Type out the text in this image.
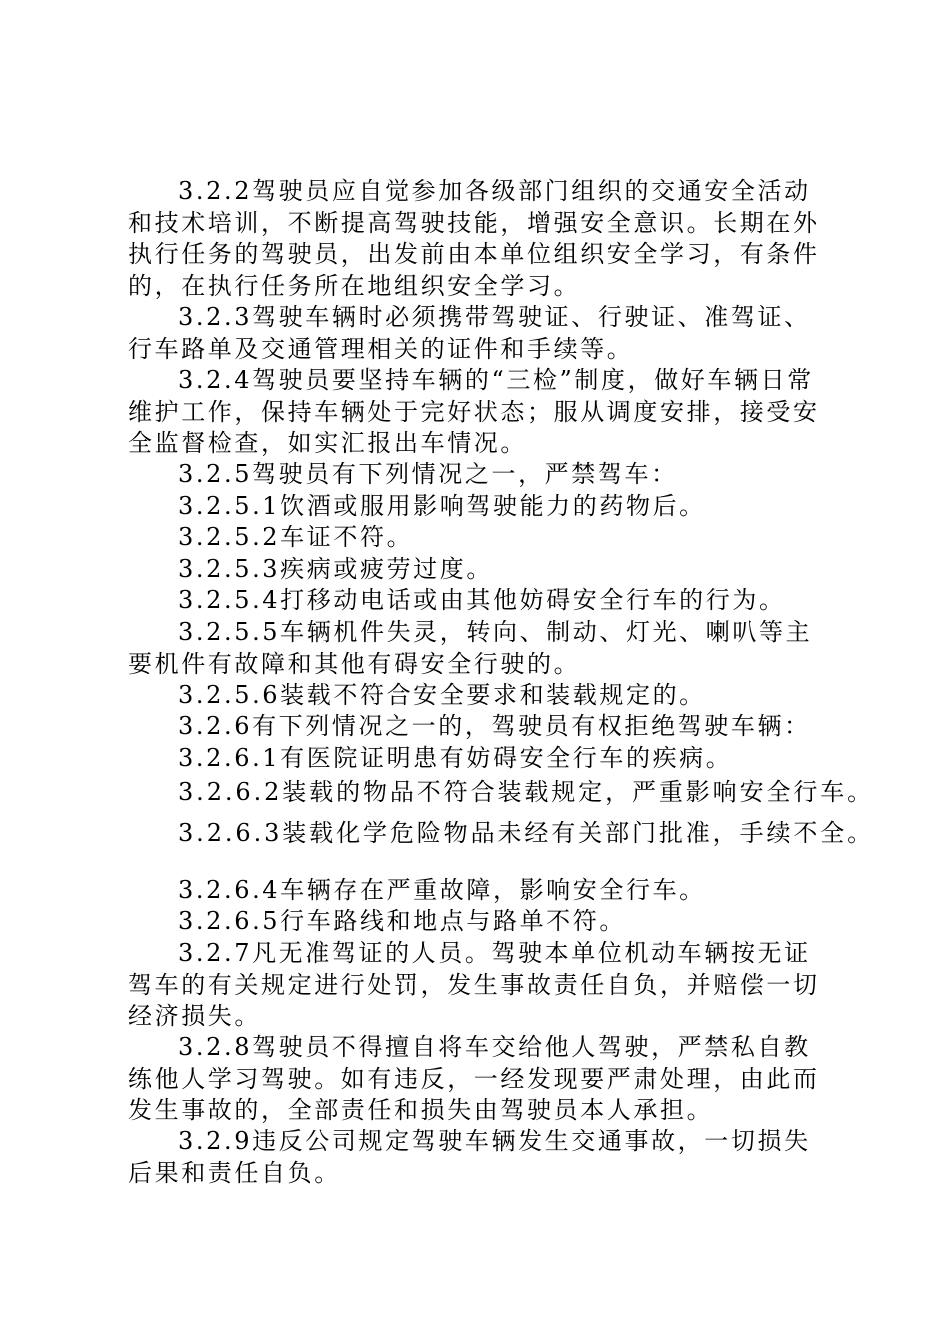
3.2.2驾驶员应自觉参加各级部门组织的交通安全活动和技术培训，不断提高驾驶技能，增强安全意识。长期在外执行任务的驾驶员，出发前由本单位组织安全学习，有条件的，在执行任务所在地组织安全学习。

3.2.3驾驶车辆时必须携带驾驶证、行驶证、准驾证、行车路单及交通管理相关的证件和手续等。

3.2.4驾驶员要坚持车辆的“三检”制度，做好车辆日常维护工作，保持车辆处于完好状态；服从调度安排，接受安全监督检查，如实汇报出车情况。

3.2.5驾驶员有下列情况之一，严禁驾车：

3.2.5.1饮酒或服用影响驾驶能力的药物后。

3.2.5.2车证不符。

3.2.5.3疾病或疲劳过度。

3.2.5.4打移动电话或由其他妨碍安全行车的行为。

3.2.5.5车辆机件失灵，转向、制动、灯光、喇叭等主要机件有故障和其他有碍安全行驶的。

3.2.5.6装载不符合安全要求和装载规定的。

3.2.6有下列情况之一的，驾驶员有权拒绝驾驶车辆：

3.2.6.1有医院证明患有妨碍安全行车的疾病。

3.2.6.2装载的物品不符合装载规定，严重影响安全行车。

3.2.6.3装载化学危险物品未经有关部门批准，手续不全。

3.2.6.4车辆存在严重故障，影响安全行车。

3.2.6.5行车路线和地点与路单不符。

3.2.7凡无准驾证的人员。驾驶本单位机动车辆按无证驾车的有关规定进行处罚，发生事故责任自负，并赔偿一切经济损失。

3.2.8驾驶员不得擅自将车交给他人驾驶，严禁私自教练他人学习驾驶。如有违反，一经发现要严肃处理，由此而发生事故的，全部责任和损失由驾驶员本人承担。

3.2.9违反公司规定驾驶车辆发生交通事故，一切损失后果和责任自负。
